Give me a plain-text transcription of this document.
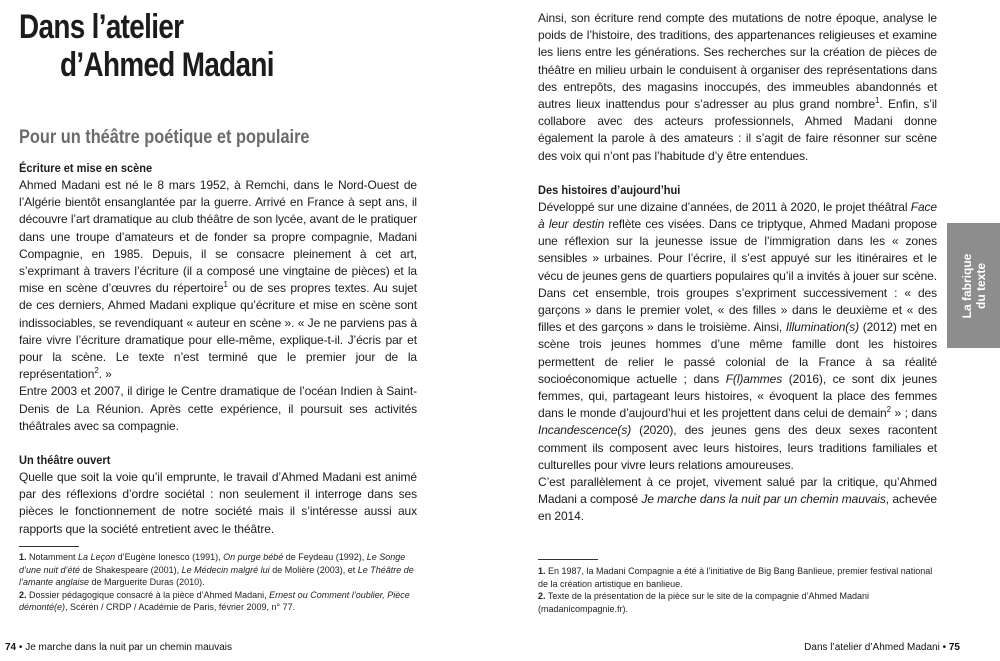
Dans l’atelier
d’Ahmed Madani
Pour un théâtre poétique et populaire
Écriture et mise en scène

Ahmed Madani est né le 8 mars 1952, à Remchi, dans le Nord-Ouest de l’Algérie bientôt ensanglantée par la guerre. Arrivé en France à sept ans, il découvre l’art dramatique au club théâtre de son lycée, avant de le pratiquer dans une troupe d’amateurs et de fonder sa propre compagnie, Madani Compagnie, en 1985. Depuis, il se consacre pleinement à cet art, s’exprimant à travers l’écriture (il a composé une vingtaine de pièces) et la mise en scène d’œuvres du répertoire$^1$ ou de ses propres textes. Au sujet de ces derniers, Ahmed Madani explique qu’écriture et mise en scène sont indissociables, se revendiquant « auteur en scène ». « Je ne parviens pas à faire vivre l’écriture dramatique pour elle-même, explique-t-il. J’écris par et pour la scène. Le texte n’est terminé que le premier jour de la représentation$^2$. »

Entre 2003 et 2007, il dirige le Centre dramatique de l’océan Indien à Saint-Denis de La Réunion. Après cette expérience, il poursuit ses activités théâtrales avec sa compagnie.

Un théâtre ouvert

Quelle que soit la voie qu’il emprunte, le travail d’Ahmed Madani est animé par des réflexions d’ordre sociétal : non seulement il interroge dans ses pièces le fonctionnement de notre société mais il s’intéresse aussi aux rapports que la société entretient avec le théâtre.

1. Notamment La Leçon d’Eugène Ionesco (1991), On purge bébé de Feydeau (1992), Le Songe d’une nuit d’été de Shakespeare (2001), Le Médecin malgré lui de Molière (2003), et Le Théâtre de l’amante anglaise de Marguerite Duras (2010).
2. Dossier pédagogique consacré à la pièce d’Ahmed Madani, Ernest ou Comment l’oublier, Pièce démonté(e), Scérén / CRDP / Académie de Paris, février 2009, n° 77.
74 • Je marche dans la nuit par un chemin mauvais

Ainsi, son écriture rend compte des mutations de notre époque, analyse le poids de l’histoire, des traditions, des appartenances religieuses et examine les liens entre les générations. Ses recherches sur la création de pièces de théâtre en milieu urbain le conduisent à organiser des représentations dans des entrepôts, des magasins inoccupés, des immeubles abandonnés et autres lieux inattendus pour s’adresser au plus grand nombre$^1$. Enfin, s’il collabore avec des acteurs professionnels, Ahmed Madani donne également la parole à des amateurs : il s’agit de faire résonner sur scène des voix qui n’ont pas l’habitude d’y être entendues.

Des histoires d’aujourd’hui

Développé sur une dizaine d’années, de 2011 à 2020, le projet théâtral Face à leur destin reflète ces visées. Dans ce triptyque, Ahmed Madani propose une réflexion sur la jeunesse issue de l’immigration dans les « zones sensibles » urbaines. Pour l’écrire, il s’est appuyé sur les itinéraires et le vécu de jeunes gens de quartiers populaires qu’il a invités à jouer sur scène. Dans cet ensemble, trois groupes s’expriment successivement : « des garçons » dans le premier volet, « des filles » dans le deuxième et « des filles et des garçons » dans le troisième. Ainsi, Illumination(s) (2012) met en scène trois jeunes hommes d’une même famille dont les histoires permettent de relier le passé colonial de la France à sa réalité socioéconomique actuelle ; dans F(l)ammes (2016), ce sont dix jeunes femmes, qui, partageant leurs histoires, « évoquent la place des femmes dans le monde d’aujourd’hui et les projettent dans celui de demain$^2$ » ; dans Incandescence(s) (2020), des jeunes gens des deux sexes racontent comment ils composent avec leurs histoires, leurs traditions familiales et culturelles pour vivre leurs relations amoureuses.

C’est parallèlement à ce projet, vivement salué par la critique, qu’Ahmed Madani a composé Je marche dans la nuit par un chemin mauvais, achevée en 2014.

1. En 1987, la Madani Compagnie a été à l’initiative de Big Bang Banlieue, premier festival national de la création artistique en banlieue.
2. Texte de la présentation de la pièce sur le site de la compagnie d’Ahmed Madani (madanicompagnie.fr).
Dans l’atelier d’Ahmed Madani • 75
La fabrique du texte
